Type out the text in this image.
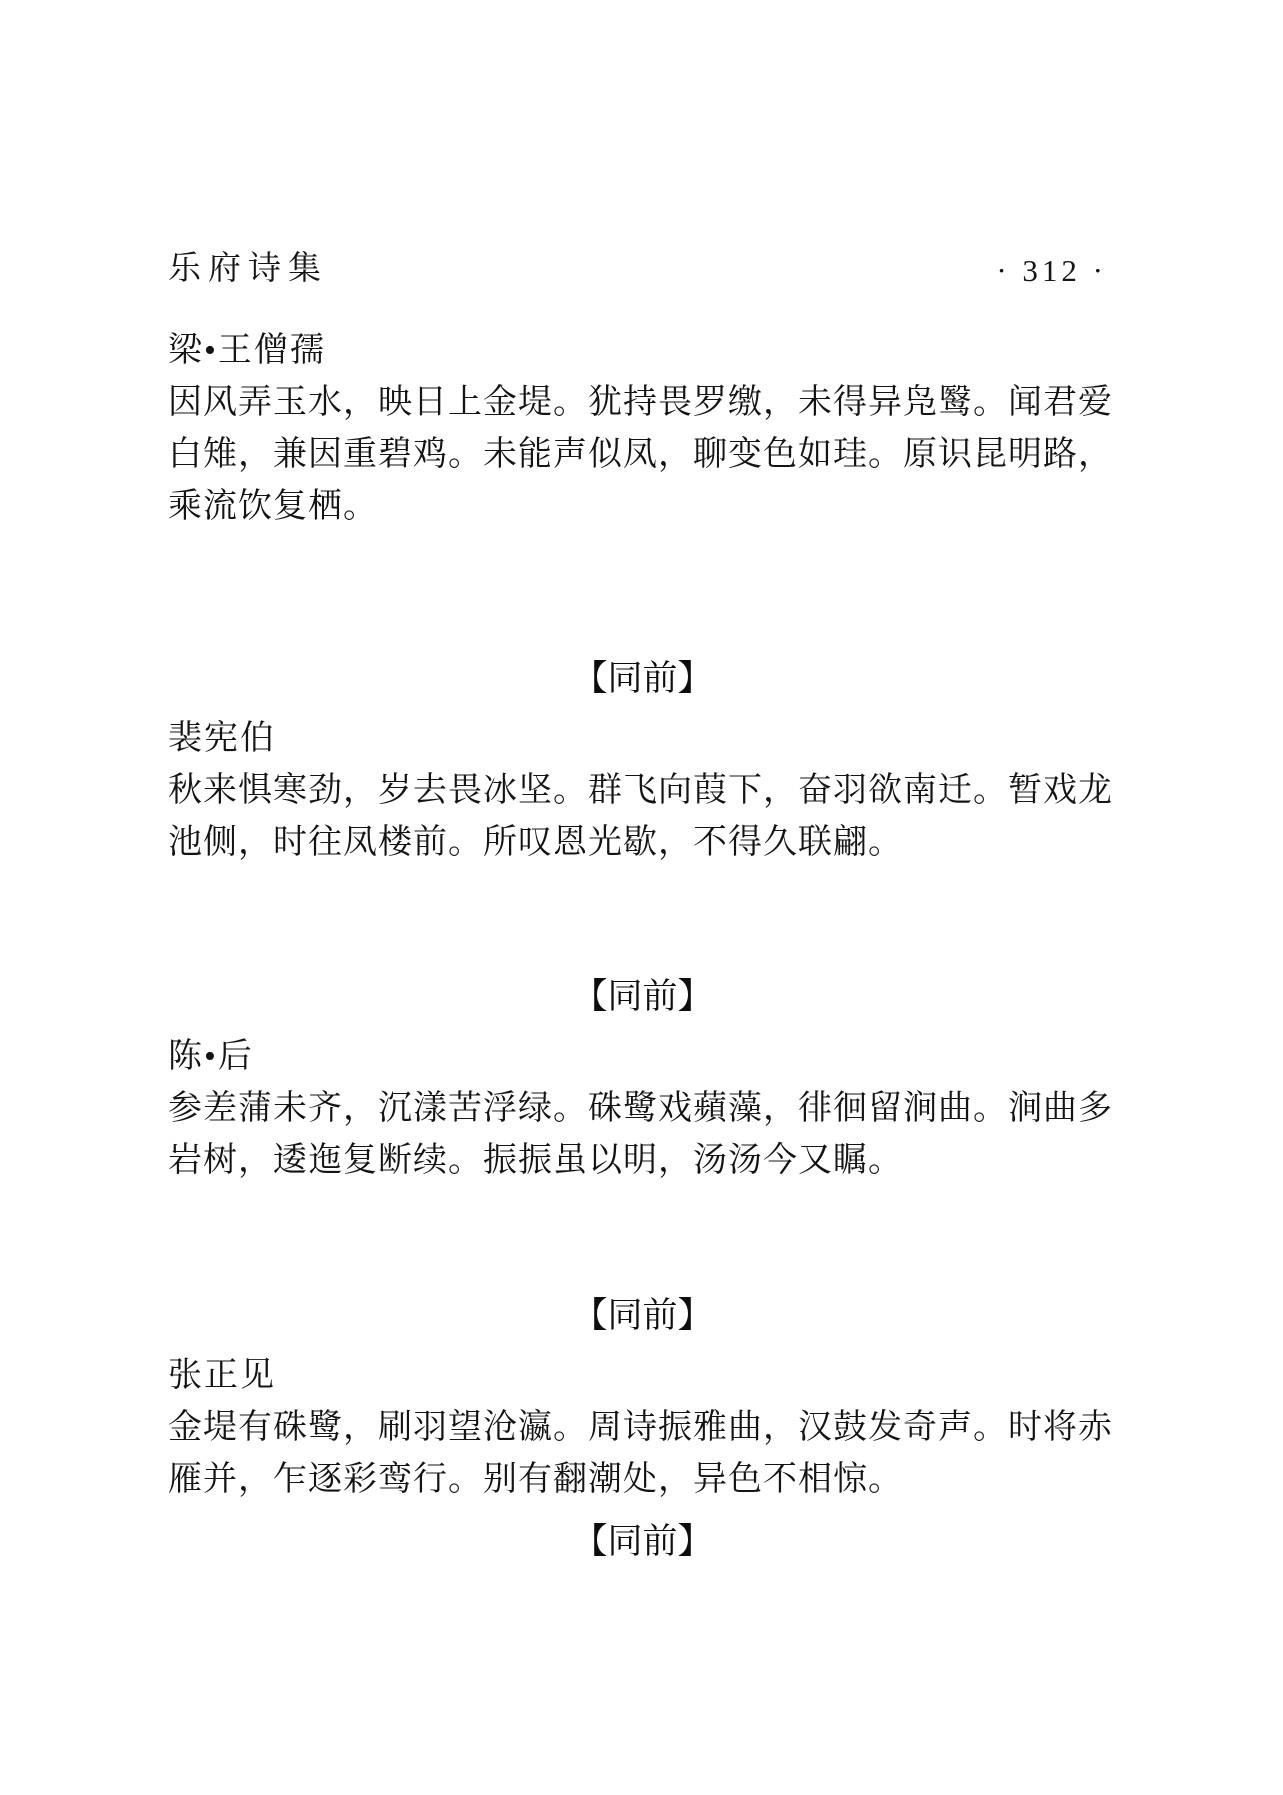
乐府诗集	· 312 ·
梁•王僧孺
因风弄玉水，映日上金堤。犹持畏罗缴，未得异凫鹥。闻君爱
白雉，兼因重碧鸡。未能声似凤，聊变色如珪。原识昆明路，
乘流饮复栖。
【同前】
裴宪伯
秋来惧寒劲，岁去畏冰坚。群飞向葭下，奋羽欲南迁。暂戏龙
池侧，时往凤楼前。所叹恩光歇，不得久联翩。
【同前】
陈•后
参差蒲未齐，沉漾苦浮绿。硃鹭戏蘋藻，徘徊留涧曲。涧曲多
岩树，逶迤复断续。振振虽以明，汤汤今又瞩。
【同前】
张正见
金堤有硃鹭，刷羽望沧瀛。周诗振雅曲，汉鼓发奇声。时将赤
雁并，乍逐彩鸾行。别有翻潮处，异色不相惊。
【同前】
